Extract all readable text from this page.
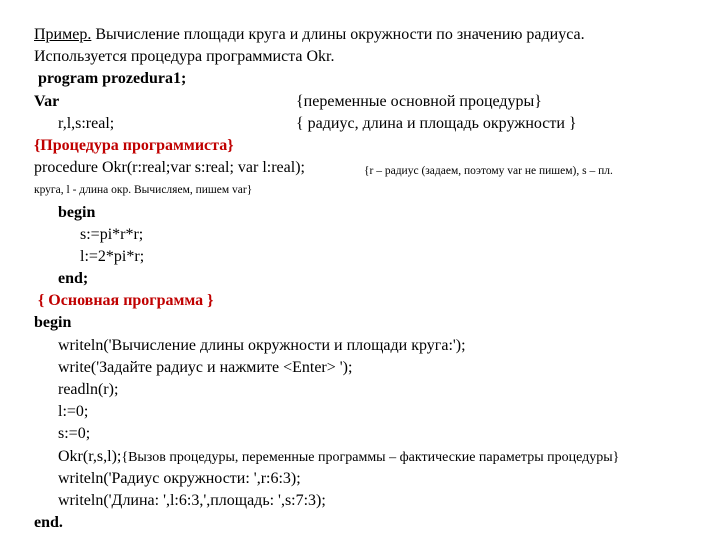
Пример. Вычисление площади круга и длины окружности по значению радиуса.
Используется процедура программиста Okr.
program prozedura1;
Var	{переменные основной процедуры}
r,l,s:real;	{ радиус, длина и площадь окружности }
{Процедура программиста}
procedure Okr(r:real;var s:real; var l:real);	{r – радиус (задаем, поэтому var не пишем), s – пл.
круга, l - длина окр. Вычисляем, пишем var}
begin
s:=pi*r*r;
l:=2*pi*r;
end;
{ Основная программа }
begin
writeln('Вычисление длины окружности и площади круга:');
write('Задайте радиус и нажмите <Enter> ');
readln(r);
l:=0;
s:=0;
Okr(r,s,l);{Вызов процедуры, переменные программы – фактические параметры процедуры}
writeln('Радиус окружности: ',r:6:3);
writeln('Длина: ',l:6:3,',площадь: ',s:7:3);
end.
